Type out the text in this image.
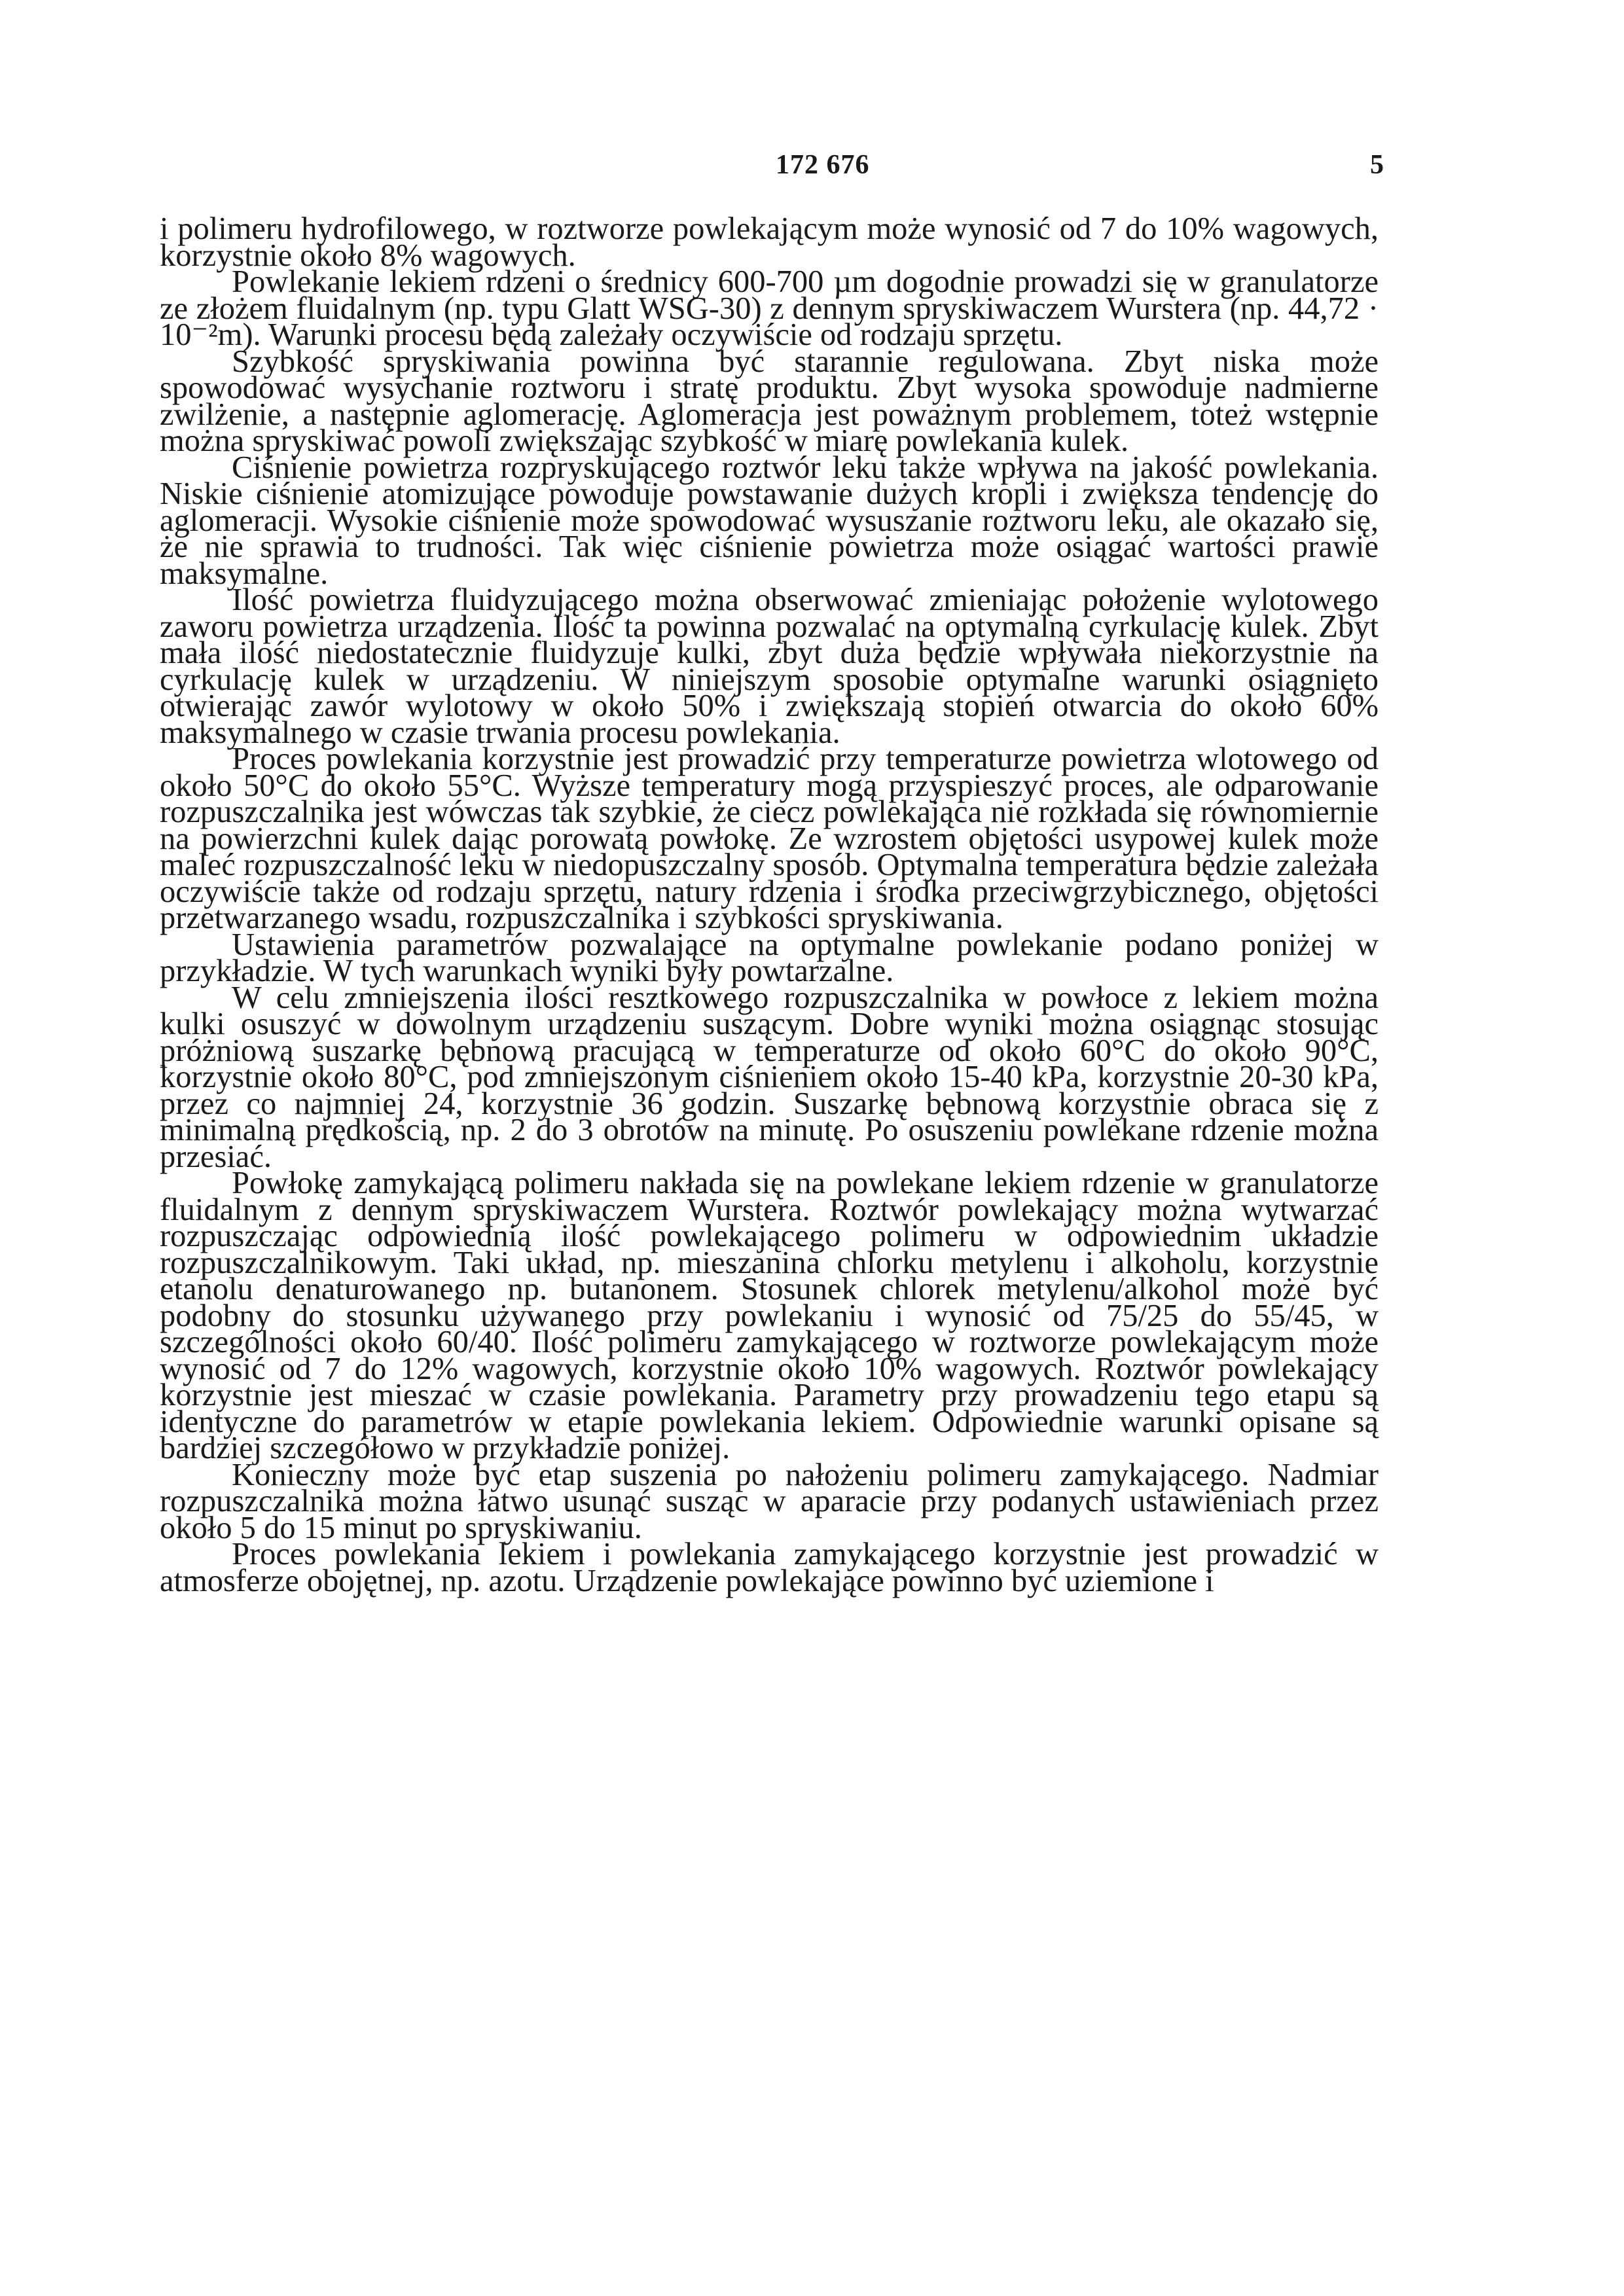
172 676	5

i polimeru hydrofilowego, w roztworze powlekającym może wynosić od 7 do 10% wagowych, korzystnie około 8% wagowych.

Powlekanie lekiem rdzeni o średnicy 600-700 µm dogodnie prowadzi się w granulatorze ze złożem fluidalnym (np. typu Glatt WSG-30) z dennym spryskiwaczem Wurstera (np. 44,72 · 10⁻²m). Warunki procesu będą zależały oczywiście od rodzaju sprzętu.

Szybkość spryskiwania powinna być starannie regulowana. Zbyt niska może spowodować wysychanie roztworu i stratę produktu. Zbyt wysoka spowoduje nadmierne zwilżenie, a następnie aglomerację. Aglomeracja jest poważnym problemem, toteż wstępnie można spryskiwać powoli zwiększając szybkość w miarę powlekania kulek.

Ciśnienie powietrza rozpryskującego roztwór leku także wpływa na jakość powlekania. Niskie ciśnienie atomizujące powoduje powstawanie dużych kropli i zwiększa tendencję do aglomeracji. Wysokie ciśnienie może spowodować wysuszanie roztworu leku, ale okazało się, że nie sprawia to trudności. Tak więc ciśnienie powietrza może osiągać wartości prawie maksymalne.

Ilość powietrza fluidyzującego można obserwować zmieniając położenie wylotowego zaworu powietrza urządzenia. Ilość ta powinna pozwalać na optymalną cyrkulację kulek. Zbyt mała ilość niedostatecznie fluidyzuje kulki, zbyt duża będzie wpływała niekorzystnie na cyrkulację kulek w urządzeniu. W niniejszym sposobie optymalne warunki osiągnięto otwierając zawór wylotowy w około 50% i zwiększają stopień otwarcia do około 60% maksymalnego w czasie trwania procesu powlekania.

Proces powlekania korzystnie jest prowadzić przy temperaturze powietrza wlotowego od około 50°C do około 55°C. Wyższe temperatury mogą przyspieszyć proces, ale odparowanie rozpuszczalnika jest wówczas tak szybkie, że ciecz powlekająca nie rozkłada się równomiernie na powierzchni kulek dając porowatą powłokę. Ze wzrostem objętości usypowej kulek może maleć rozpuszczalność leku w niedopuszczalny sposób. Optymalna temperatura będzie zależała oczywiście także od rodzaju sprzętu, natury rdzenia i środka przeciwgrzybicznego, objętości przetwarzanego wsadu, rozpuszczalnika i szybkości spryskiwania.

Ustawienia parametrów pozwalające na optymalne powlekanie podano poniżej w przykładzie. W tych warunkach wyniki były powtarzalne.

W celu zmniejszenia ilości resztkowego rozpuszczalnika w powłoce z lekiem można kulki osuszyć w dowolnym urządzeniu suszącym. Dobre wyniki można osiągnąc stosując próżniową suszarkę bębnową pracującą w temperaturze od około 60°C do około 90°C, korzystnie około 80°C, pod zmniejszonym ciśnieniem około 15-40 kPa, korzystnie 20-30 kPa, przez co najmniej 24, korzystnie 36 godzin. Suszarkę bębnową korzystnie obraca się z minimalną prędkością, np. 2 do 3 obrotów na minutę. Po osuszeniu powlekane rdzenie można przesiać.

Powłokę zamykającą polimeru nakłada się na powlekane lekiem rdzenie w granulatorze fluidalnym z dennym spryskiwaczem Wurstera. Roztwór powlekający można wytwarzać rozpuszczając odpowiednią ilość powlekającego polimeru w odpowiednim układzie rozpuszczalnikowym. Taki układ, np. mieszanina chlorku metylenu i alkoholu, korzystnie etanolu denaturowanego np. butanonem. Stosunek chlorek metylenu/alkohol może być podobny do stosunku używanego przy powlekaniu i wynosić od 75/25 do 55/45, w szczególności około 60/40. Ilość polimeru zamykającego w roztworze powlekającym może wynosić od 7 do 12% wagowych, korzystnie około 10% wagowych. Roztwór powlekający korzystnie jest mieszać w czasie powlekania. Parametry przy prowadzeniu tego etapu są identyczne do parametrów w etapie powlekania lekiem. Odpowiednie warunki opisane są bardziej szczegółowo w przykładzie poniżej.

Konieczny może być etap suszenia po nałożeniu polimeru zamykającego. Nadmiar rozpuszczalnika można łatwo usunąć susząc w aparacie przy podanych ustawieniach przez około 5 do 15 minut po spryskiwaniu.

Proces powlekania lekiem i powlekania zamykającego korzystnie jest prowadzić w atmosferze obojętnej, np. azotu. Urządzenie powlekające powinno być uziemione i
